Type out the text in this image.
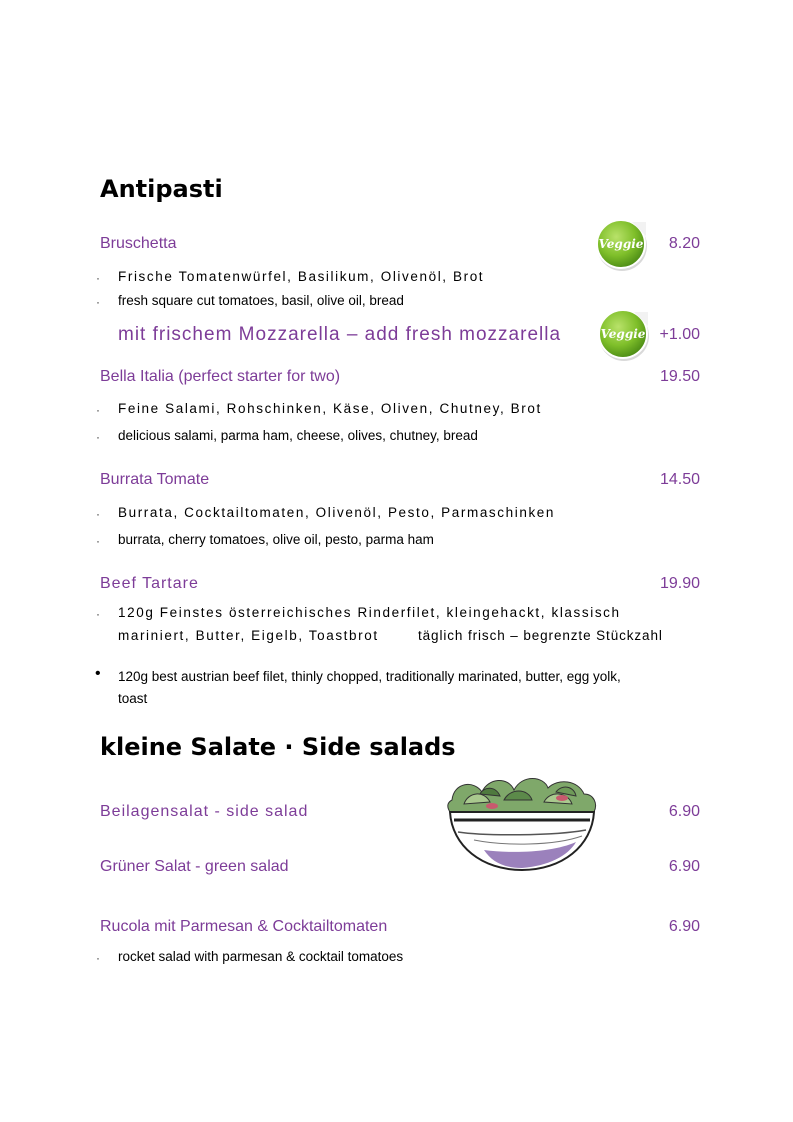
Antipasti
Bruschetta	Veggie	8.20
· Frische Tomatenwürfel, Basilikum, Olivenöl, Brot
· fresh square cut tomatoes, basil, olive oil, bread
mit frischem Mozzarella – add fresh mozzarella	Veggie +1.00
Bella Italia (perfect starter for two)	19.50
· Feine Salami, Rohschinken, Käse, Oliven, Chutney, Brot
· delicious salami, parma ham, cheese, olives, chutney, bread
Burrata Tomate	14.50
· Burrata, Cocktailtomaten, Olivenöl, Pesto, Parmaschinken
· burrata, cherry tomatoes, olive oil, pesto, parma ham
Beef Tartare	19.90
· 120g Feinstes österreichisches Rinderfilet, kleingehackt, klassisch
mariniert, Butter, Eigelb, Toastbrot	täglich frisch – begrenzte Stückzahl
• 120g best austrian beef filet, thinly chopped, traditionally marinated, butter, egg yolk,
toast
kleine Salate · Side salads
Beilagensalat - side salad	6.90
Grüner Salat - green salad	6.90
Rucola mit Parmesan & Cocktailtomaten	6.90
· rocket salad with parmesan & cocktail tomatoes
